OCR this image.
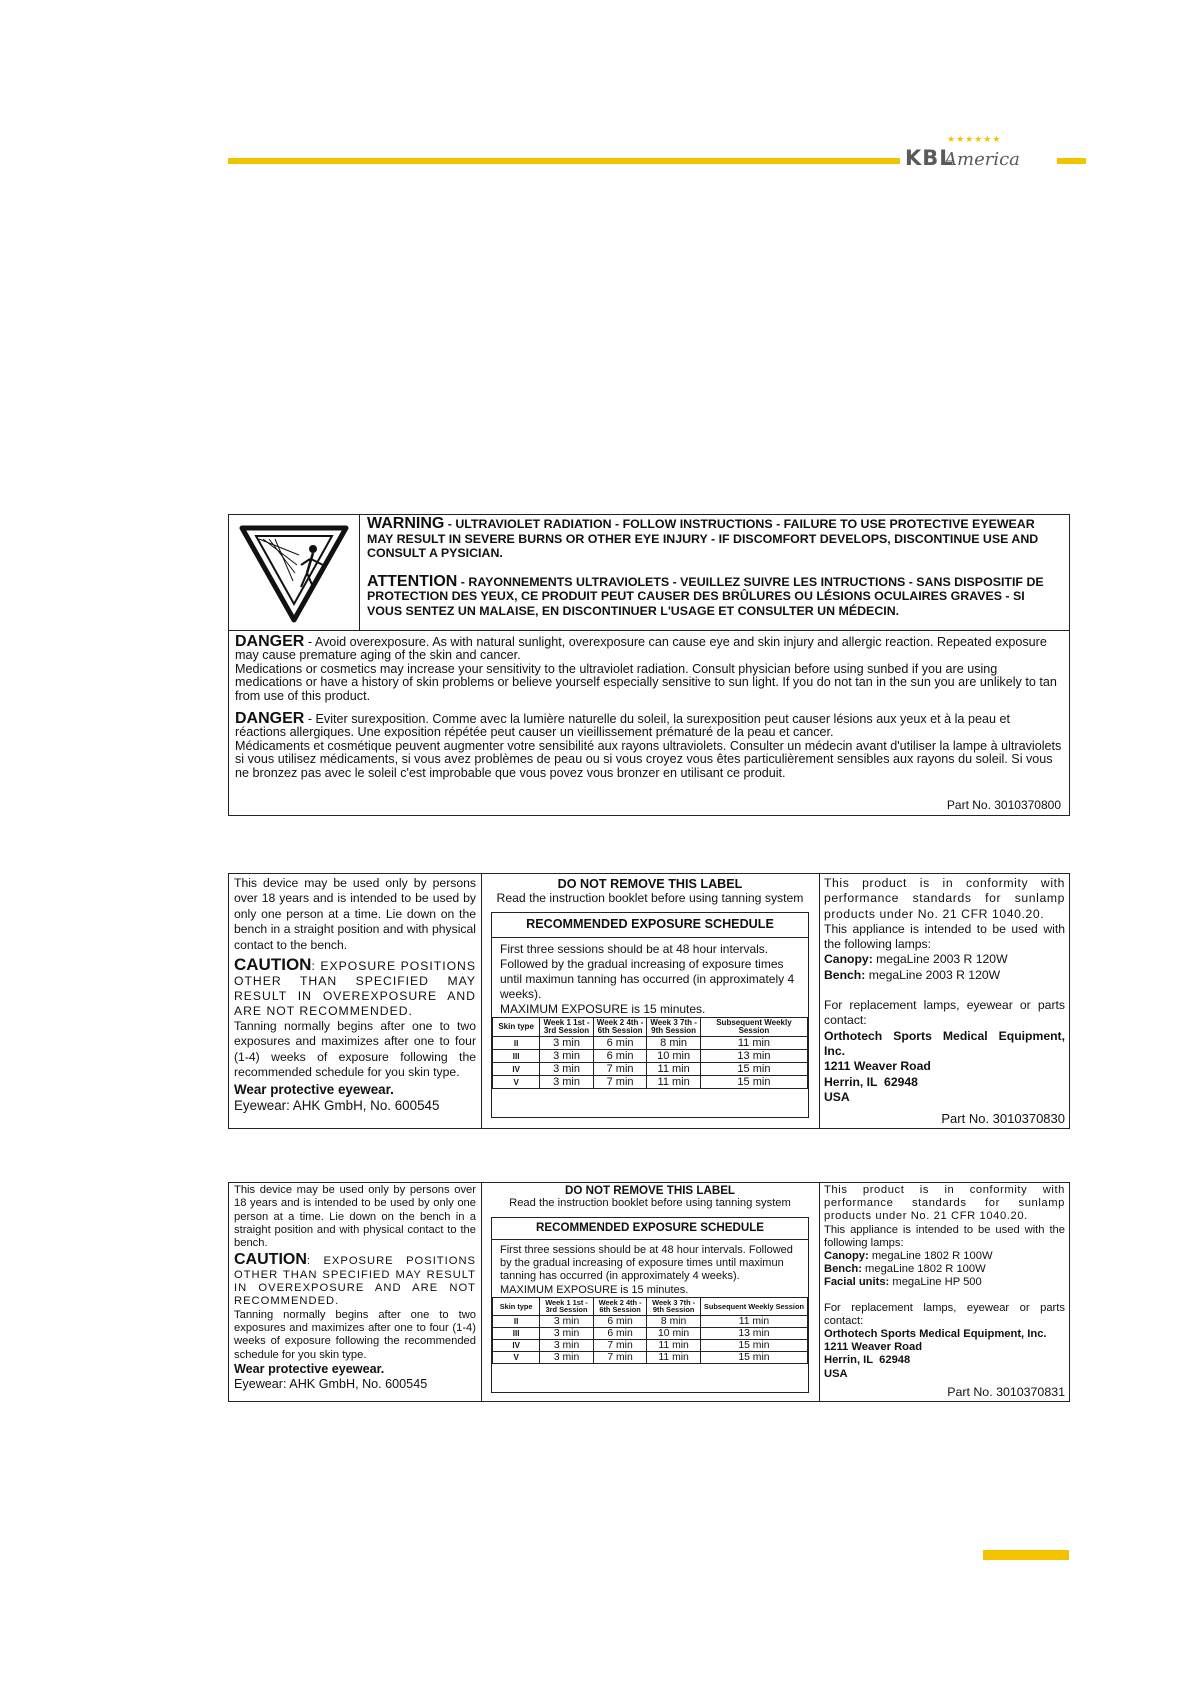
★★★★★★
KBL
America

WARNING - ULTRAVIOLET RADIATION - FOLLOW INSTRUCTIONS - FAILURE TO USE PROTECTIVE EYEWEAR MAY RESULT IN SEVERE BURNS OR OTHER EYE INJURY - IF DISCOMFORT DEVELOPS, DISCONTINUE USE AND CONSULT A PYSICIAN.

ATTENTION - RAYONNEMENTS ULTRAVIOLETS - VEUILLEZ SUIVRE LES INTRUCTIONS - SANS DISPOSITIF DE PROTECTION DES YEUX, CE PRODUIT PEUT CAUSER DES BRÛLURES OU LÉSIONS OCULAIRES GRAVES - SI VOUS SENTEZ UN MALAISE, EN DISCONTINUER L'USAGE ET CONSULTER UN MÉDECIN.

DANGER - Avoid overexposure. As with natural sunlight, overexposure can cause eye and skin injury and allergic reaction. Repeated exposure may cause premature aging of the skin and cancer.
Medications or cosmetics may increase your sensitivity to the ultraviolet radiation. Consult physician before using sunbed if you are using medications or have a history of skin problems or believe yourself especially sensitive to sun light. If you do not tan in the sun you are unlikely to tan from use of this product.

DANGER - Eviter surexposition. Comme avec la lumière naturelle du soleil, la surexposition peut causer lésions aux yeux et à la peau et réactions allergiques. Une exposition répétée peut causer un vieillissement prématuré de la peau et cancer.
Médicaments et cosmétique peuvent augmenter votre sensibilité aux rayons ultraviolets. Consulter un médecin avant d'utiliser la lampe à ultraviolets si vous utilisez médicaments, si vous avez problèmes de peau ou si vous croyez vous êtes particulièrement sensibles aux rayons du soleil. Si vous ne bronzez pas avec le soleil c'est improbable que vous povez vous bronzer en utilisant ce produit.

Part No. 3010370800

This device may be used only by persons over 18 years and is intended to be used by only one person at a time. Lie down on the bench in a straight position and with physical contact to the bench.

CAUTION: EXPOSURE POSITIONS OTHER THAN SPECIFIED MAY RESULT IN OVEREXPOSURE AND ARE NOT RECOMMENDED.

Tanning normally begins after one to two exposures and maximizes after one to four (1-4) weeks of exposure following the recommended schedule for you skin type.

Wear protective eyewear.

Eyewear: AHK GmbH, No. 600545

DO NOT REMOVE THIS LABEL
Read the instruction booklet before using tanning system
RECOMMENDED EXPOSURE SCHEDULE
First three sessions should be at 48 hour intervals. Followed by the gradual increasing of exposure times until maximun tanning has occurred (in approximately 4 weeks).
MAXIMUM EXPOSURE is 15 minutes.
Skin type	Week 1 1st - 3rd Session	Week 2 4th - 6th Session	Week 3 7th - 9th Session	Subsequent Weekly Session
II	3 min	6 min	8 min	11 min
III	3 min	6 min	10 min	13 min
IV	3 min	7 min	11 min	15 min
V	3 min	7 min	11 min	15 min

This product is in conformity with performance standards for sunlamp products under No. 21 CFR 1040.20.

This appliance is intended to be used with the following lamps:

Canopy: megaLine 2003 R 120W

Bench: megaLine 2003 R 120W

For replacement lamps, eyewear or parts contact:

Orthotech Sports Medical Equipment, Inc.

1211 Weaver Road

Herrin, IL  62948

USA

Part No. 3010370830

This device may be used only by persons over 18 years and is intended to be used by only one person at a time. Lie down on the bench in a straight position and with physical contact to the bench.

CAUTION: EXPOSURE POSITIONS OTHER THAN SPECIFIED MAY RESULT IN OVEREXPOSURE AND ARE NOT RECOMMENDED.

Tanning normally begins after one to two exposures and maximizes after one to four (1-4) weeks of exposure following the recommended schedule for you skin type.

Wear protective eyewear.

Eyewear: AHK GmbH, No. 600545

DO NOT REMOVE THIS LABEL
Read the instruction booklet before using tanning system
RECOMMENDED EXPOSURE SCHEDULE
First three sessions should be at 48 hour intervals. Followed by the gradual increasing of exposure times until maximun tanning has occurred (in approximately 4 weeks).
MAXIMUM EXPOSURE is 15 minutes.
Skin type	Week 1 1st - 3rd Session	Week 2 4th - 6th Session	Week 3 7th - 9th Session	Subsequent Weekly Session
II	3 min	6 min	8 min	11 min
III	3 min	6 min	10 min	13 min
IV	3 min	7 min	11 min	15 min
V	3 min	7 min	11 min	15 min

This product is in conformity with performance standards for sunlamp products under No. 21 CFR 1040.20.

This appliance is intended to be used with the following lamps:

Canopy: megaLine 1802 R 100W

Bench: megaLine 1802 R 100W

Facial units: megaLine HP 500

For replacement lamps, eyewear or parts contact:

Orthotech Sports Medical Equipment, Inc.

1211 Weaver Road

Herrin, IL  62948

USA

Part No. 3010370831
